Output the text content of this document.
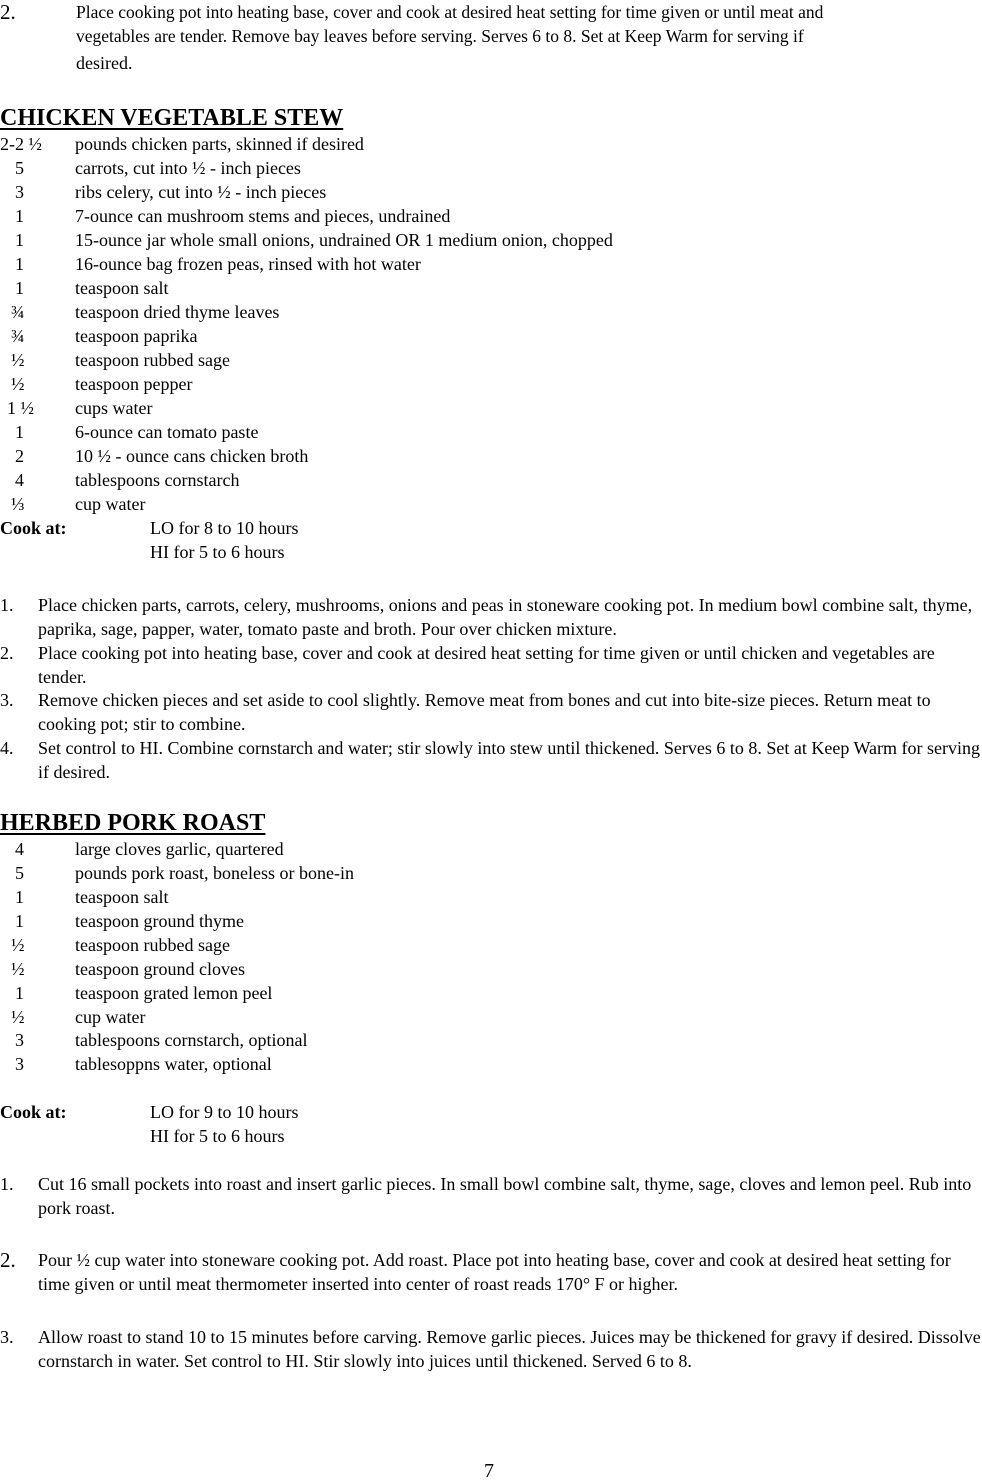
2.	Place cooking pot into heating base, cover and cook at desired heat setting for time given or until meat and
vegetables are tender. Remove bay leaves before serving. Serves 6 to 8. Set at Keep Warm for serving if
desired.
CHICKEN VEGETABLE STEW
2-2 ½	pounds chicken parts, skinned if desired
5	carrots, cut into ½ - inch pieces
3	ribs celery, cut into ½ - inch pieces
1	7-ounce can mushroom stems and pieces, undrained
1	15-ounce jar whole small onions, undrained OR 1 medium onion, chopped
1	16-ounce bag frozen peas, rinsed with hot water
1	teaspoon salt
¾	teaspoon dried thyme leaves
¾	teaspoon paprika
½	teaspoon rubbed sage
½	teaspoon pepper
1 ½	cups water
1	6-ounce can tomato paste
2	10 ½ - ounce cans chicken broth
4	tablespoons cornstarch
⅓	cup water
Cook at:	LO for 8 to 10 hours
HI for 5 to 6 hours
1. Place chicken parts, carrots, celery, mushrooms, onions and peas in stoneware cooking pot. In medium bowl combine salt, thyme, paprika, sage, papper, water, tomato paste and broth. Pour over chicken mixture.
2. Place cooking pot into heating base, cover and cook at desired heat setting for time given or until chicken and vegetables are tender.
3. Remove chicken pieces and set aside to cool slightly. Remove meat from bones and cut into bite-size pieces. Return meat to cooking pot; stir to combine.
4. Set control to HI. Combine cornstarch and water; stir slowly into stew until thickened. Serves 6 to 8. Set at Keep Warm for serving if desired.
HERBED PORK ROAST
4	large cloves garlic, quartered
5	pounds pork roast, boneless or bone-in
1	teaspoon salt
1	teaspoon ground thyme
½	teaspoon rubbed sage
½	teaspoon ground cloves
1	teaspoon grated lemon peel
½	cup water
3	tablespoons cornstarch, optional
3	tablesoppns water, optional
Cook at:	LO for 9 to 10 hours
HI for 5 to 6 hours
1. Cut 16 small pockets into roast and insert garlic pieces. In small bowl combine salt, thyme, sage, cloves and lemon peel. Rub into pork roast.
2. Pour ½ cup water into stoneware cooking pot. Add roast. Place pot into heating base, cover and cook at desired heat setting for time given or until meat thermometer inserted into center of roast reads 170° F or higher.
3. Allow roast to stand 10 to 15 minutes before carving. Remove garlic pieces. Juices may be thickened for gravy if desired. Dissolve cornstarch in water. Set control to HI. Stir slowly into juices until thickened. Served 6 to 8.
7
